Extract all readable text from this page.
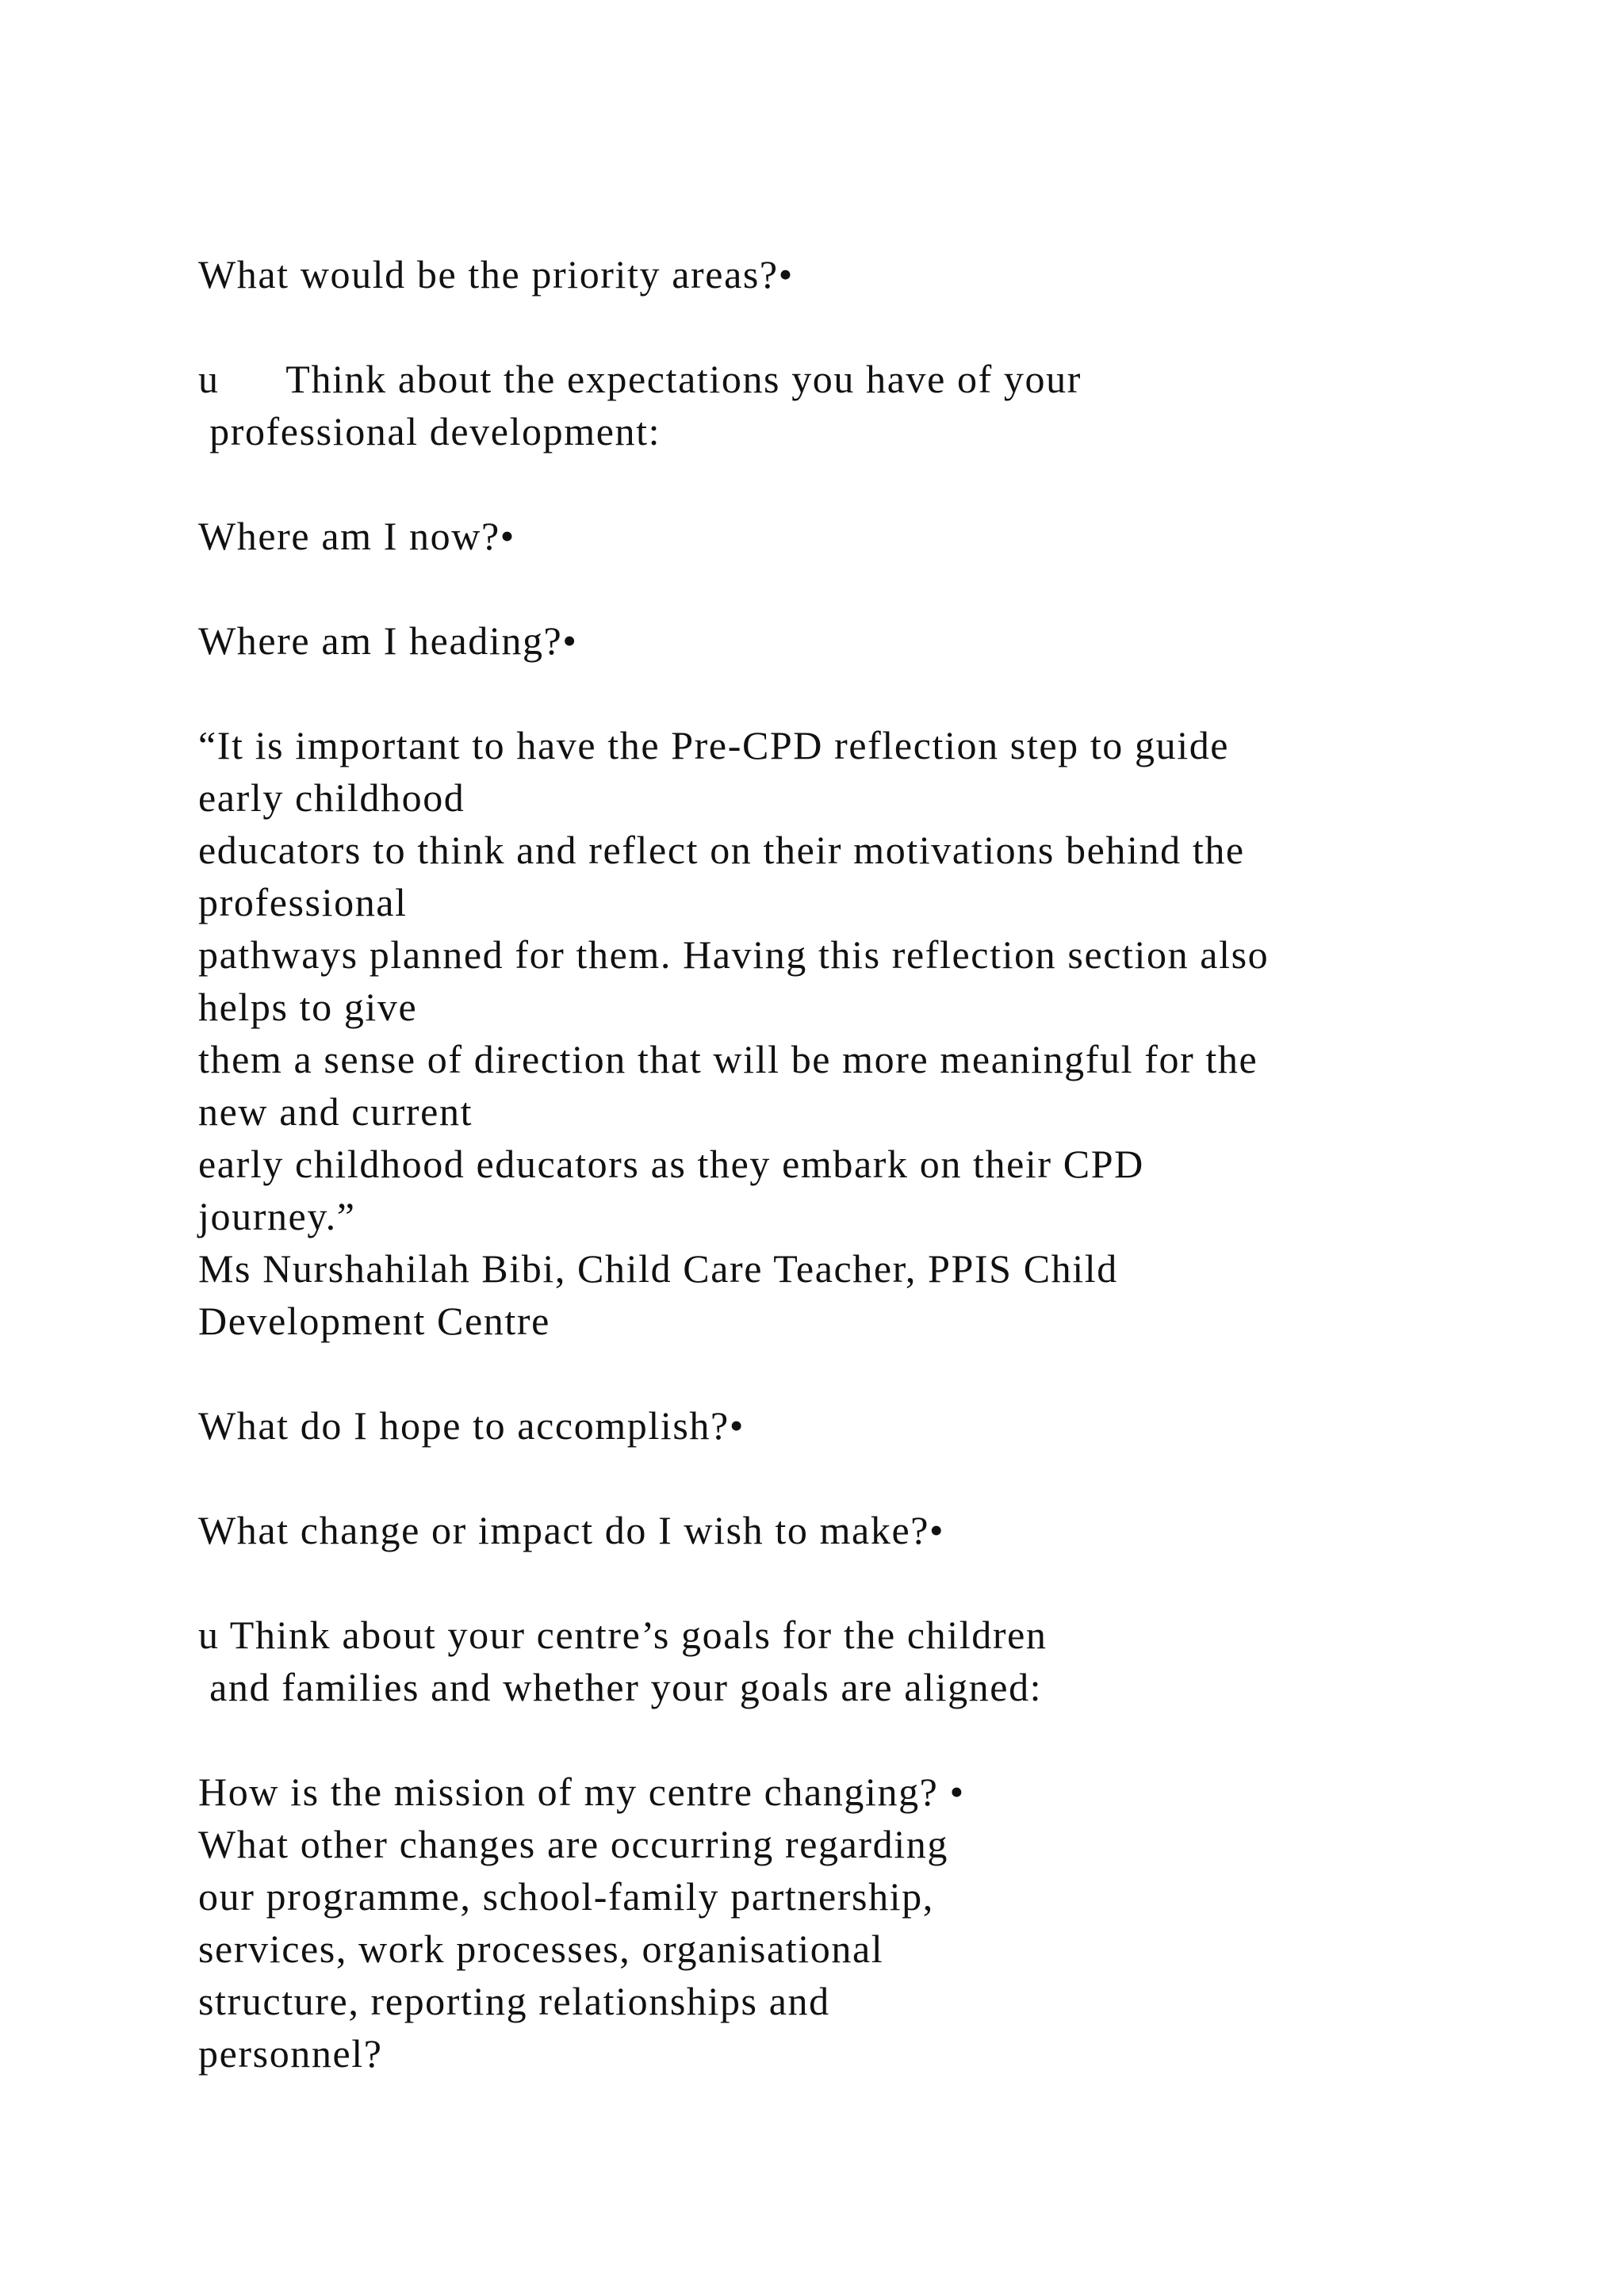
What would be the priority areas?•
u      Think about the expectations you have of your
professional development:
Where am I now?•
Where am I heading?•
“It is important to have the Pre-CPD reflection step to guide
early childhood
educators to think and reflect on their motivations behind the
professional
pathways planned for them. Having this reflection section also
helps to give
them a sense of direction that will be more meaningful for the
new and current
early childhood educators as they embark on their CPD
journey.”
Ms Nurshahilah Bibi, Child Care Teacher, PPIS Child
Development Centre
What do I hope to accomplish?•
What change or impact do I wish to make?•
u Think about your centre’s goals for the children
and families and whether your goals are aligned:
How is the mission of my centre changing? •
What other changes are occurring regarding
our programme, school-family partnership,
services, work processes, organisational
structure, reporting relationships and
personnel?
